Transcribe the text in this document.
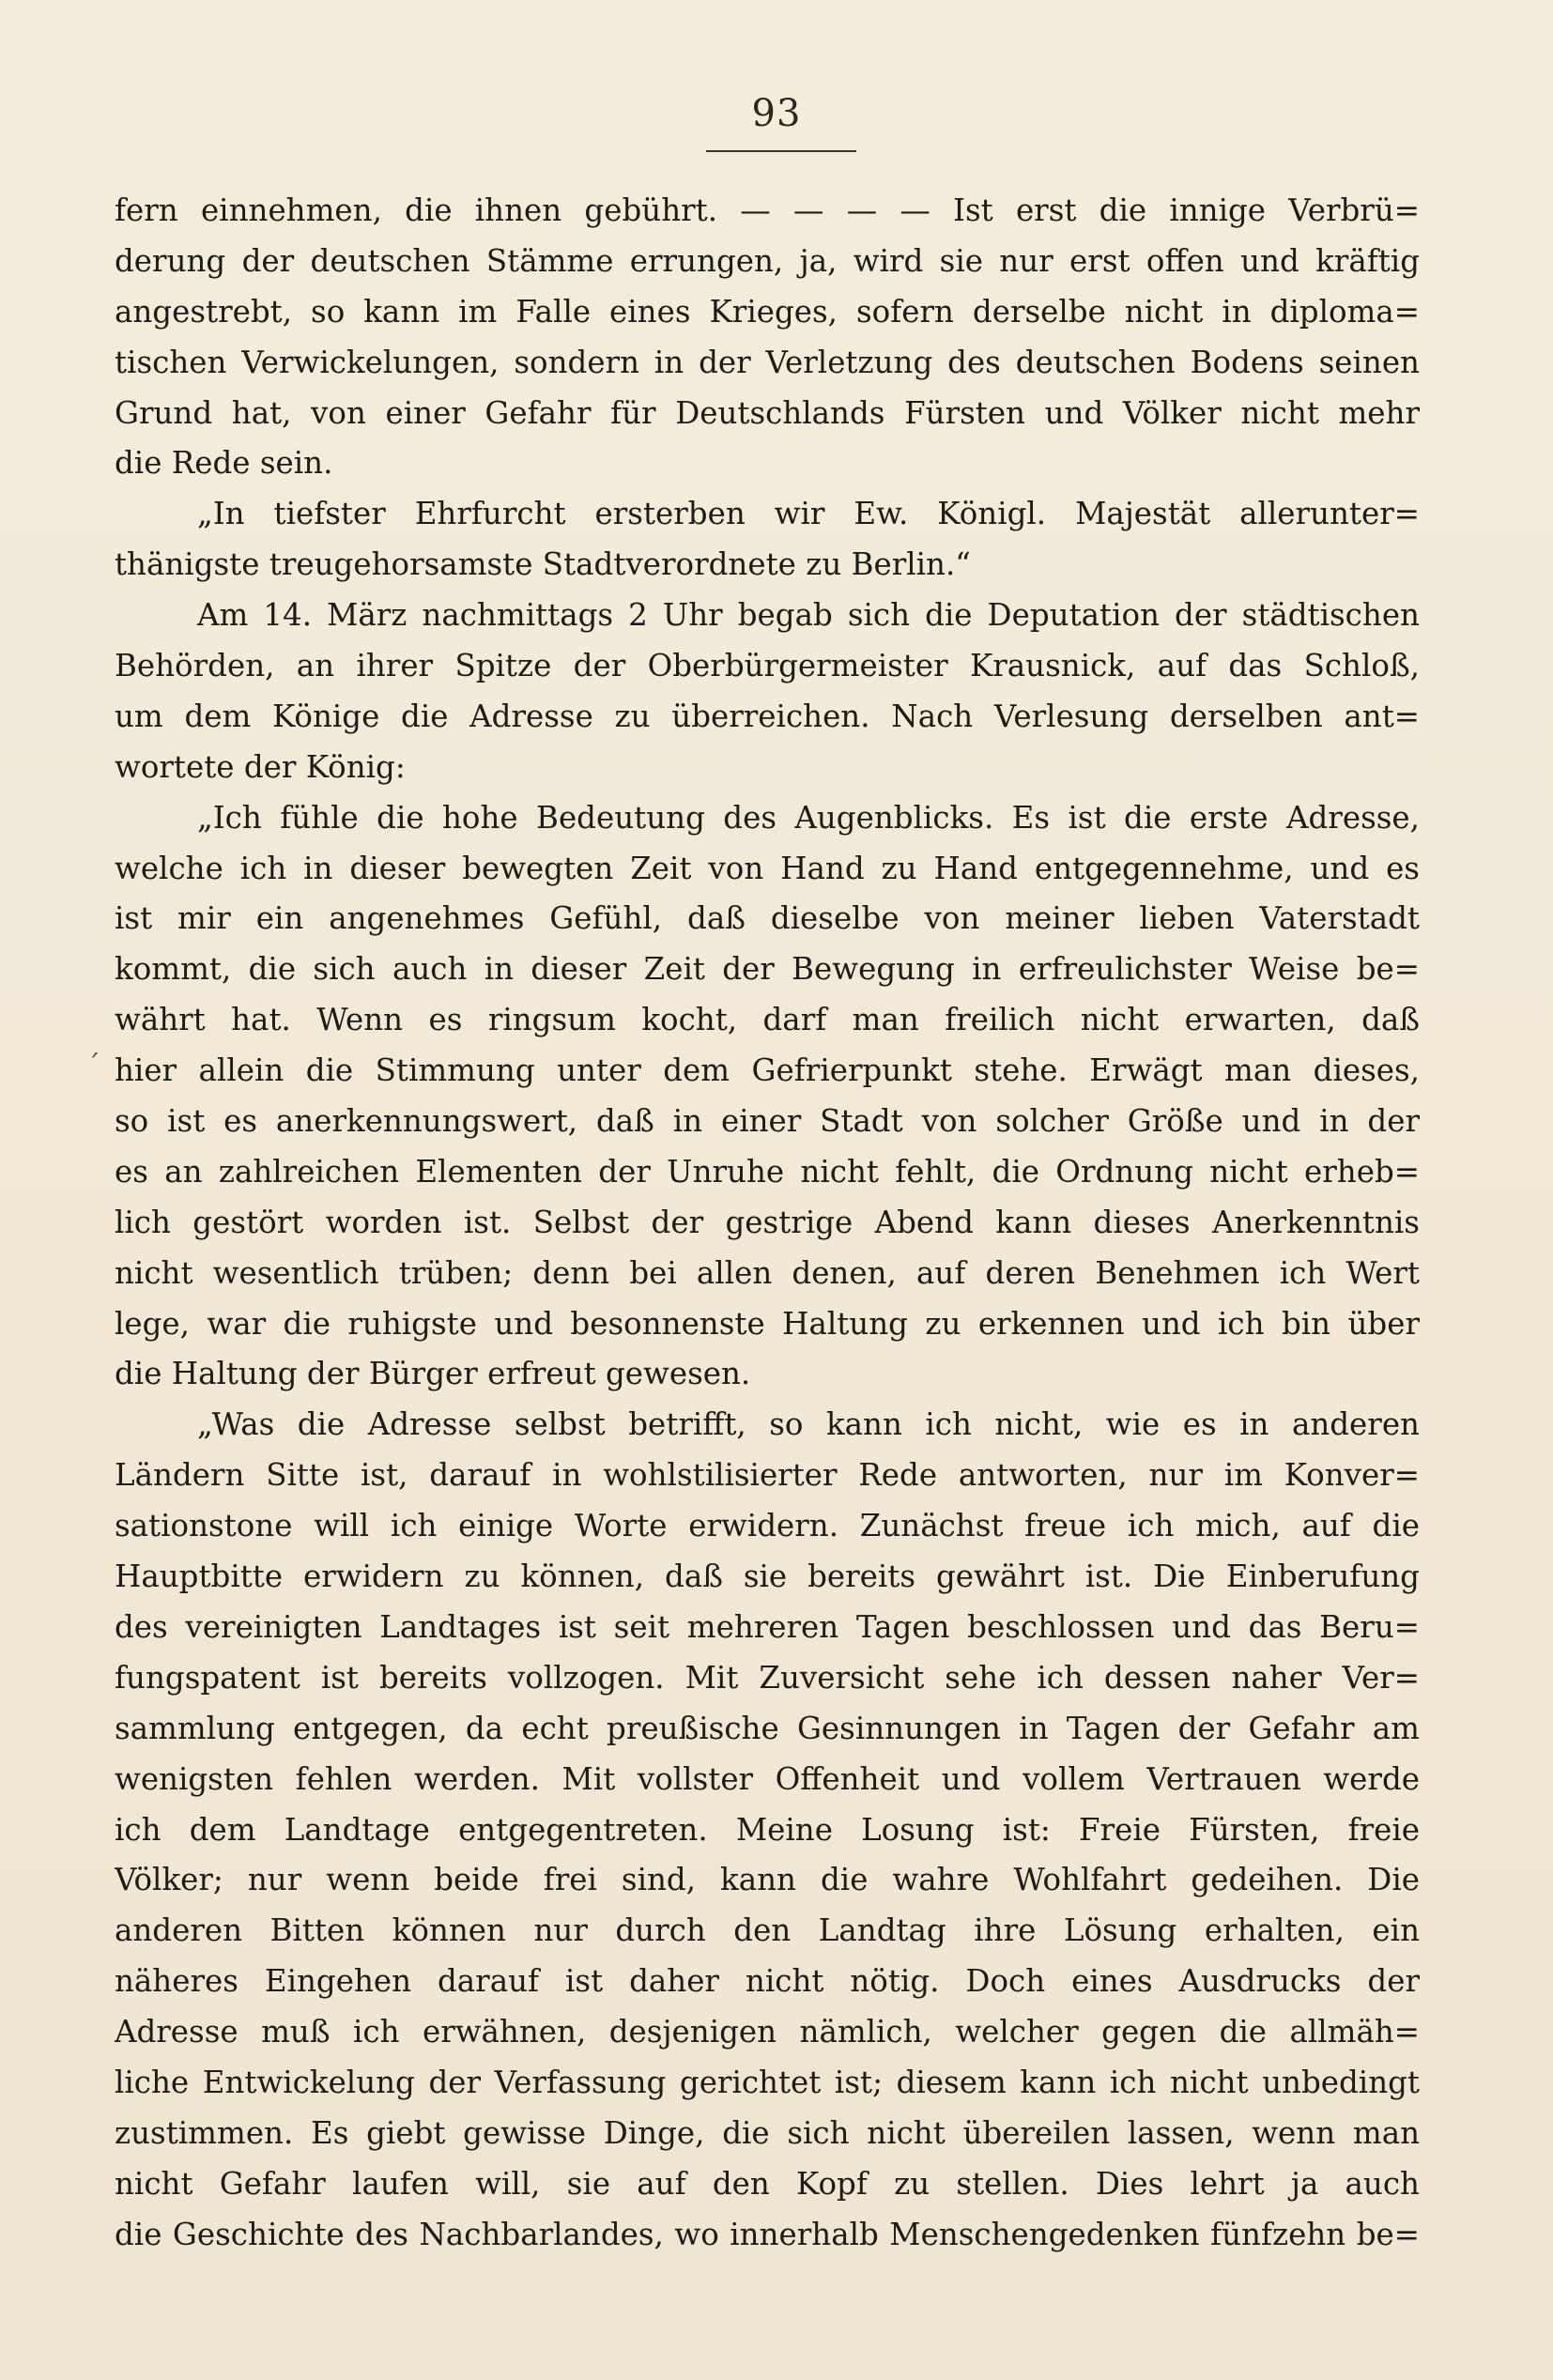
93
´
fern einnehmen, die ihnen gebührt. — — — — Ist erst die innige Verbrü=
derung der deutschen Stämme errungen, ja, wird sie nur erst offen und kräftig
angestrebt, so kann im Falle eines Krieges, sofern derselbe nicht in diploma=
tischen Verwickelungen, sondern in der Verletzung des deutschen Bodens seinen
Grund hat, von einer Gefahr für Deutschlands Fürsten und Völker nicht mehr
die Rede sein.
„In tiefster Ehrfurcht ersterben wir Ew. Königl. Majestät allerunter=
thänigste treugehorsamste Stadtverordnete zu Berlin.“
Am 14. März nachmittags 2 Uhr begab sich die Deputation der städtischen
Behörden, an ihrer Spitze der Oberbürgermeister Krausnick, auf das Schloß,
um dem Könige die Adresse zu überreichen. Nach Verlesung derselben ant=
wortete der König:
„Ich fühle die hohe Bedeutung des Augenblicks. Es ist die erste Adresse,
welche ich in dieser bewegten Zeit von Hand zu Hand entgegennehme, und es
ist mir ein angenehmes Gefühl, daß dieselbe von meiner lieben Vaterstadt
kommt, die sich auch in dieser Zeit der Bewegung in erfreulichster Weise be=
währt hat. Wenn es ringsum kocht, darf man freilich nicht erwarten, daß
hier allein die Stimmung unter dem Gefrierpunkt stehe. Erwägt man dieses,
so ist es anerkennungswert, daß in einer Stadt von solcher Größe und in der
es an zahlreichen Elementen der Unruhe nicht fehlt, die Ordnung nicht erheb=
lich gestört worden ist. Selbst der gestrige Abend kann dieses Anerkenntnis
nicht wesentlich trüben; denn bei allen denen, auf deren Benehmen ich Wert
lege, war die ruhigste und besonnenste Haltung zu erkennen und ich bin über
die Haltung der Bürger erfreut gewesen.
„Was die Adresse selbst betrifft, so kann ich nicht, wie es in anderen
Ländern Sitte ist, darauf in wohlstilisierter Rede antworten, nur im Konver=
sationstone will ich einige Worte erwidern. Zunächst freue ich mich, auf die
Hauptbitte erwidern zu können, daß sie bereits gewährt ist. Die Einberufung
des vereinigten Landtages ist seit mehreren Tagen beschlossen und das Beru=
fungspatent ist bereits vollzogen. Mit Zuversicht sehe ich dessen naher Ver=
sammlung entgegen, da echt preußische Gesinnungen in Tagen der Gefahr am
wenigsten fehlen werden. Mit vollster Offenheit und vollem Vertrauen werde
ich dem Landtage entgegentreten. Meine Losung ist: Freie Fürsten, freie
Völker; nur wenn beide frei sind, kann die wahre Wohlfahrt gedeihen. Die
anderen Bitten können nur durch den Landtag ihre Lösung erhalten, ein
näheres Eingehen darauf ist daher nicht nötig. Doch eines Ausdrucks der
Adresse muß ich erwähnen, desjenigen nämlich, welcher gegen die allmäh=
liche Entwickelung der Verfassung gerichtet ist; diesem kann ich nicht unbedingt
zustimmen. Es giebt gewisse Dinge, die sich nicht übereilen lassen, wenn man
nicht Gefahr laufen will, sie auf den Kopf zu stellen. Dies lehrt ja auch
die Geschichte des Nachbarlandes, wo innerhalb Menschengedenken fünfzehn be=
